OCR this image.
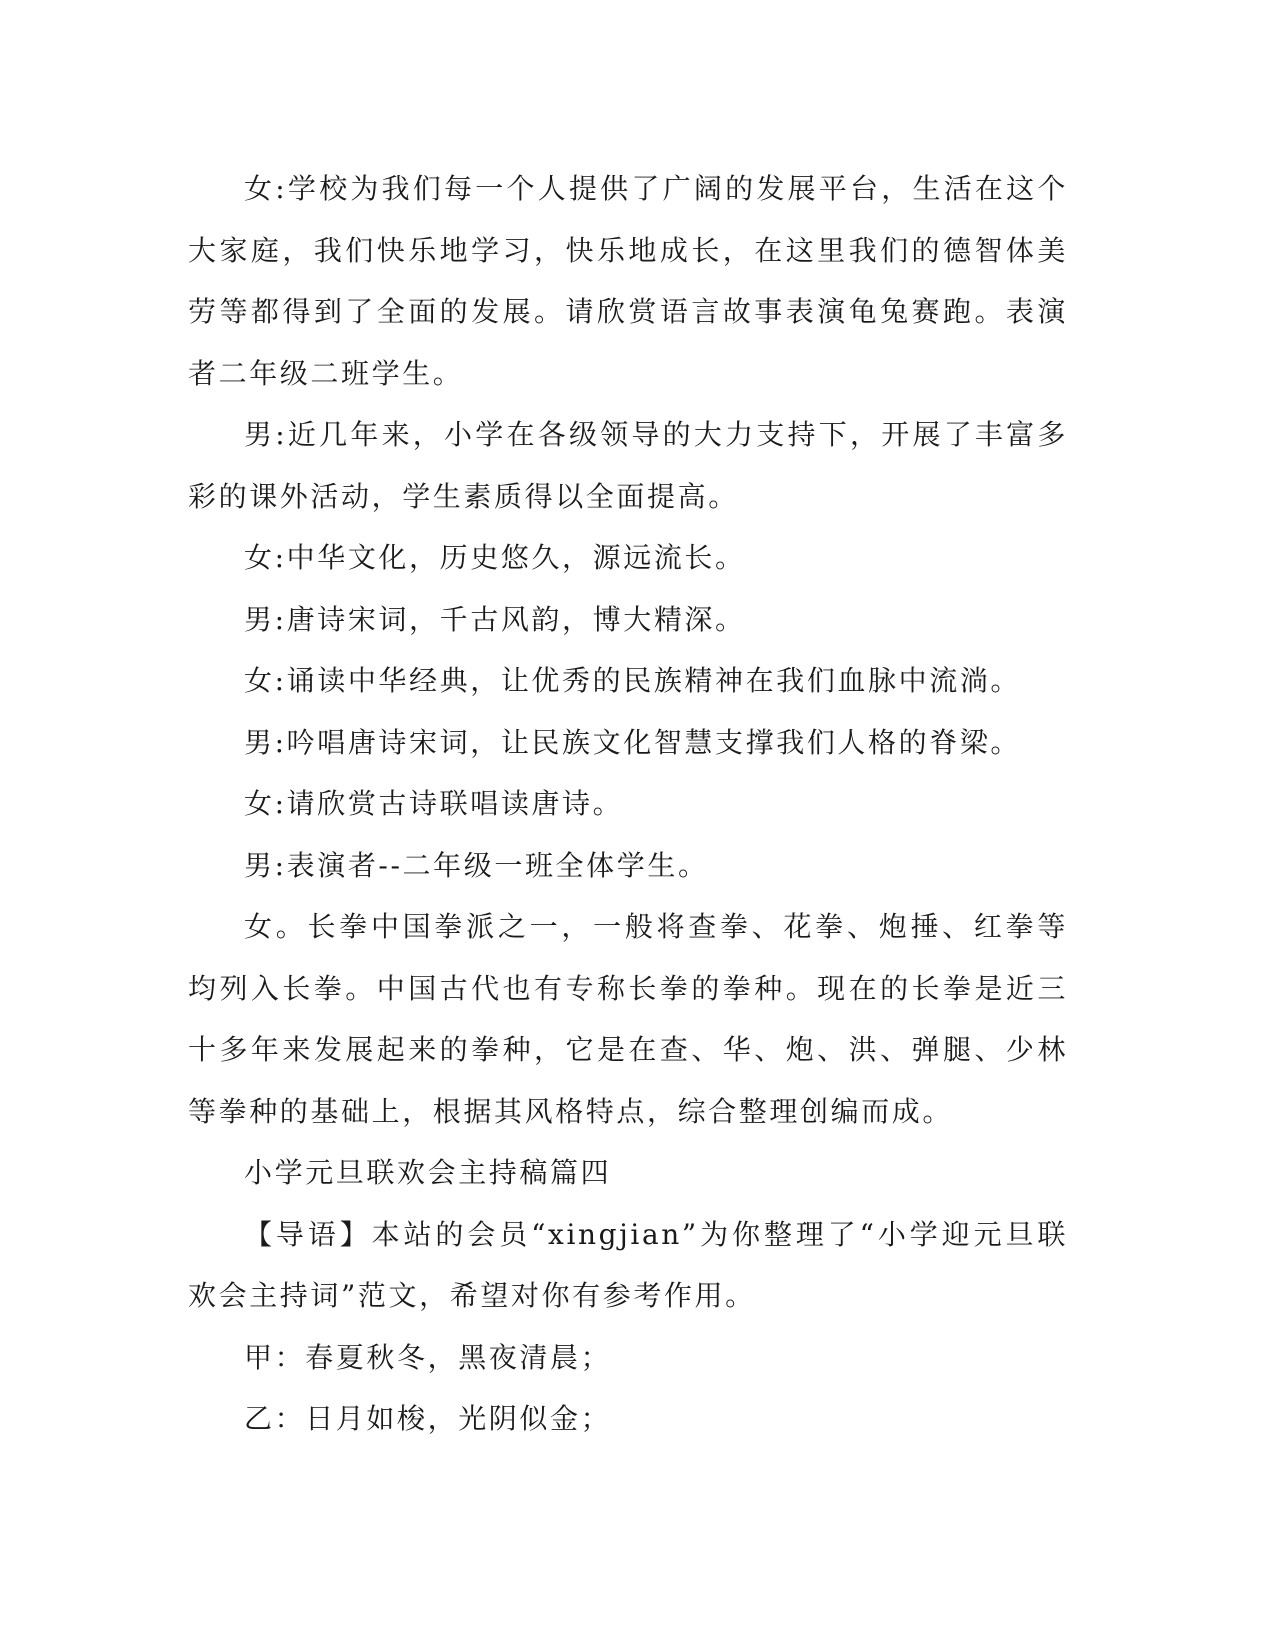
女:学校为我们每一个人提供了广阔的发展平台，生活在这个大家庭，我们快乐地学习，快乐地成长，在这里我们的德智体美劳等都得到了全面的发展。请欣赏语言故事表演龟兔赛跑。表演者二年级二班学生。

男:近几年来，小学在各级领导的大力支持下，开展了丰富多彩的课外活动，学生素质得以全面提高。

女:中华文化，历史悠久，源远流长。

男:唐诗宋词，千古风韵，博大精深。

女:诵读中华经典，让优秀的民族精神在我们血脉中流淌。

男:吟唱唐诗宋词，让民族文化智慧支撑我们人格的脊梁。

女:请欣赏古诗联唱读唐诗。

男:表演者--二年级一班全体学生。

女。长拳中国拳派之一，一般将查拳、花拳、炮捶、红拳等均列入长拳。中国古代也有专称长拳的拳种。现在的长拳是近三十多年来发展起来的拳种，它是在查、华、炮、洪、弹腿、少林等拳种的基础上，根据其风格特点，综合整理创编而成。

小学元旦联欢会主持稿篇四

【导语】本站的会员“xingjian”为你整理了“小学迎元旦联欢会主持词”范文，希望对你有参考作用。

甲：春夏秋冬，黑夜清晨；

乙：日月如梭，光阴似金；
